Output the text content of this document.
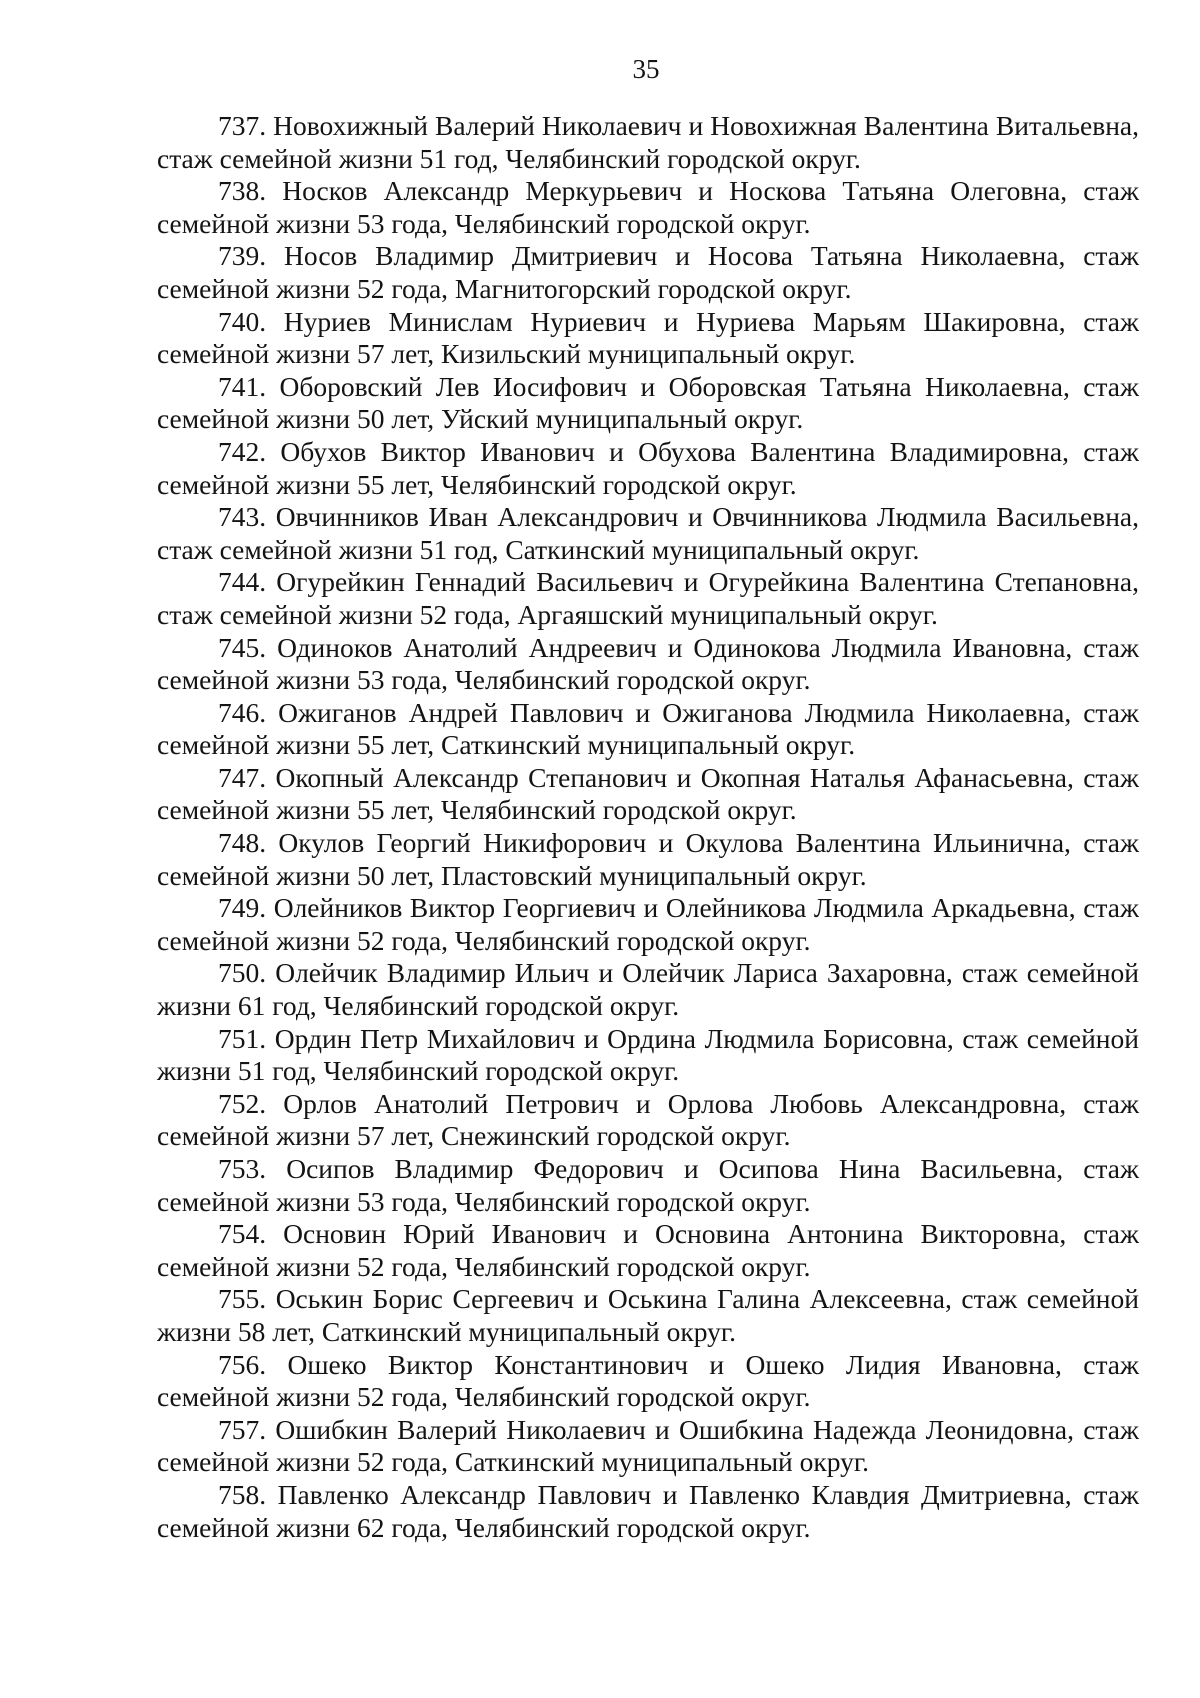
35
737. Новохижный Валерий Николаевич и Новохижная Валентина Витальевна, стаж семейной жизни 51 год, Челябинский городской округ.
738. Носков Александр Меркурьевич и Носкова Татьяна Олеговна, стаж семейной жизни 53 года, Челябинский городской округ.
739. Носов Владимир Дмитриевич и Носова Татьяна Николаевна, стаж семейной жизни 52 года, Магнитогорский городской округ.
740. Нуриев Минислам Нуриевич и Нуриева Марьям Шакировна, стаж семейной жизни 57 лет, Кизильский муниципальный округ.
741. Оборовский Лев Иосифович и Оборовская Татьяна Николаевна, стаж семейной жизни 50 лет, Уйский муниципальный округ.
742. Обухов Виктор Иванович и Обухова Валентина Владимировна, стаж семейной жизни 55 лет, Челябинский городской округ.
743. Овчинников Иван Александрович и Овчинникова Людмила Васильевна, стаж семейной жизни 51 год, Саткинский муниципальный округ.
744. Огурейкин Геннадий Васильевич и Огурейкина Валентина Степановна, стаж семейной жизни 52 года, Аргаяшский муниципальный округ.
745. Одиноков Анатолий Андреевич и Одинокова Людмила Ивановна, стаж семейной жизни 53 года, Челябинский городской округ.
746. Ожиганов Андрей Павлович и Ожиганова Людмила Николаевна, стаж семейной жизни 55 лет, Саткинский муниципальный округ.
747. Окопный Александр Степанович и Окопная Наталья Афанасьевна, стаж семейной жизни 55 лет, Челябинский городской округ.
748. Окулов Георгий Никифорович и Окулова Валентина Ильинична, стаж семейной жизни 50 лет, Пластовский муниципальный округ.
749. Олейников Виктор Георгиевич и Олейникова Людмила Аркадьевна, стаж семейной жизни 52 года, Челябинский городской округ.
750. Олейчик Владимир Ильич и Олейчик Лариса Захаровна, стаж семейной жизни 61 год, Челябинский городской округ.
751. Ордин Петр Михайлович и Ордина Людмила Борисовна, стаж семейной жизни 51 год, Челябинский городской округ.
752. Орлов Анатолий Петрович и Орлова Любовь Александровна, стаж семейной жизни 57 лет, Снежинский городской округ.
753. Осипов Владимир Федорович и Осипова Нина Васильевна, стаж семейной жизни 53 года, Челябинский городской округ.
754. Основин Юрий Иванович и Основина Антонина Викторовна, стаж семейной жизни 52 года, Челябинский городской округ.
755. Оськин Борис Сергеевич и Оськина Галина Алексеевна, стаж семейной жизни 58 лет, Саткинский муниципальный округ.
756. Ошеко Виктор Константинович и Ошеко Лидия Ивановна, стаж семейной жизни 52 года, Челябинский городской округ.
757. Ошибкин Валерий Николаевич и Ошибкина Надежда Леонидовна, стаж семейной жизни 52 года, Саткинский муниципальный округ.
758. Павленко Александр Павлович и Павленко Клавдия Дмитриевна, стаж семейной жизни 62 года, Челябинский городской округ.
